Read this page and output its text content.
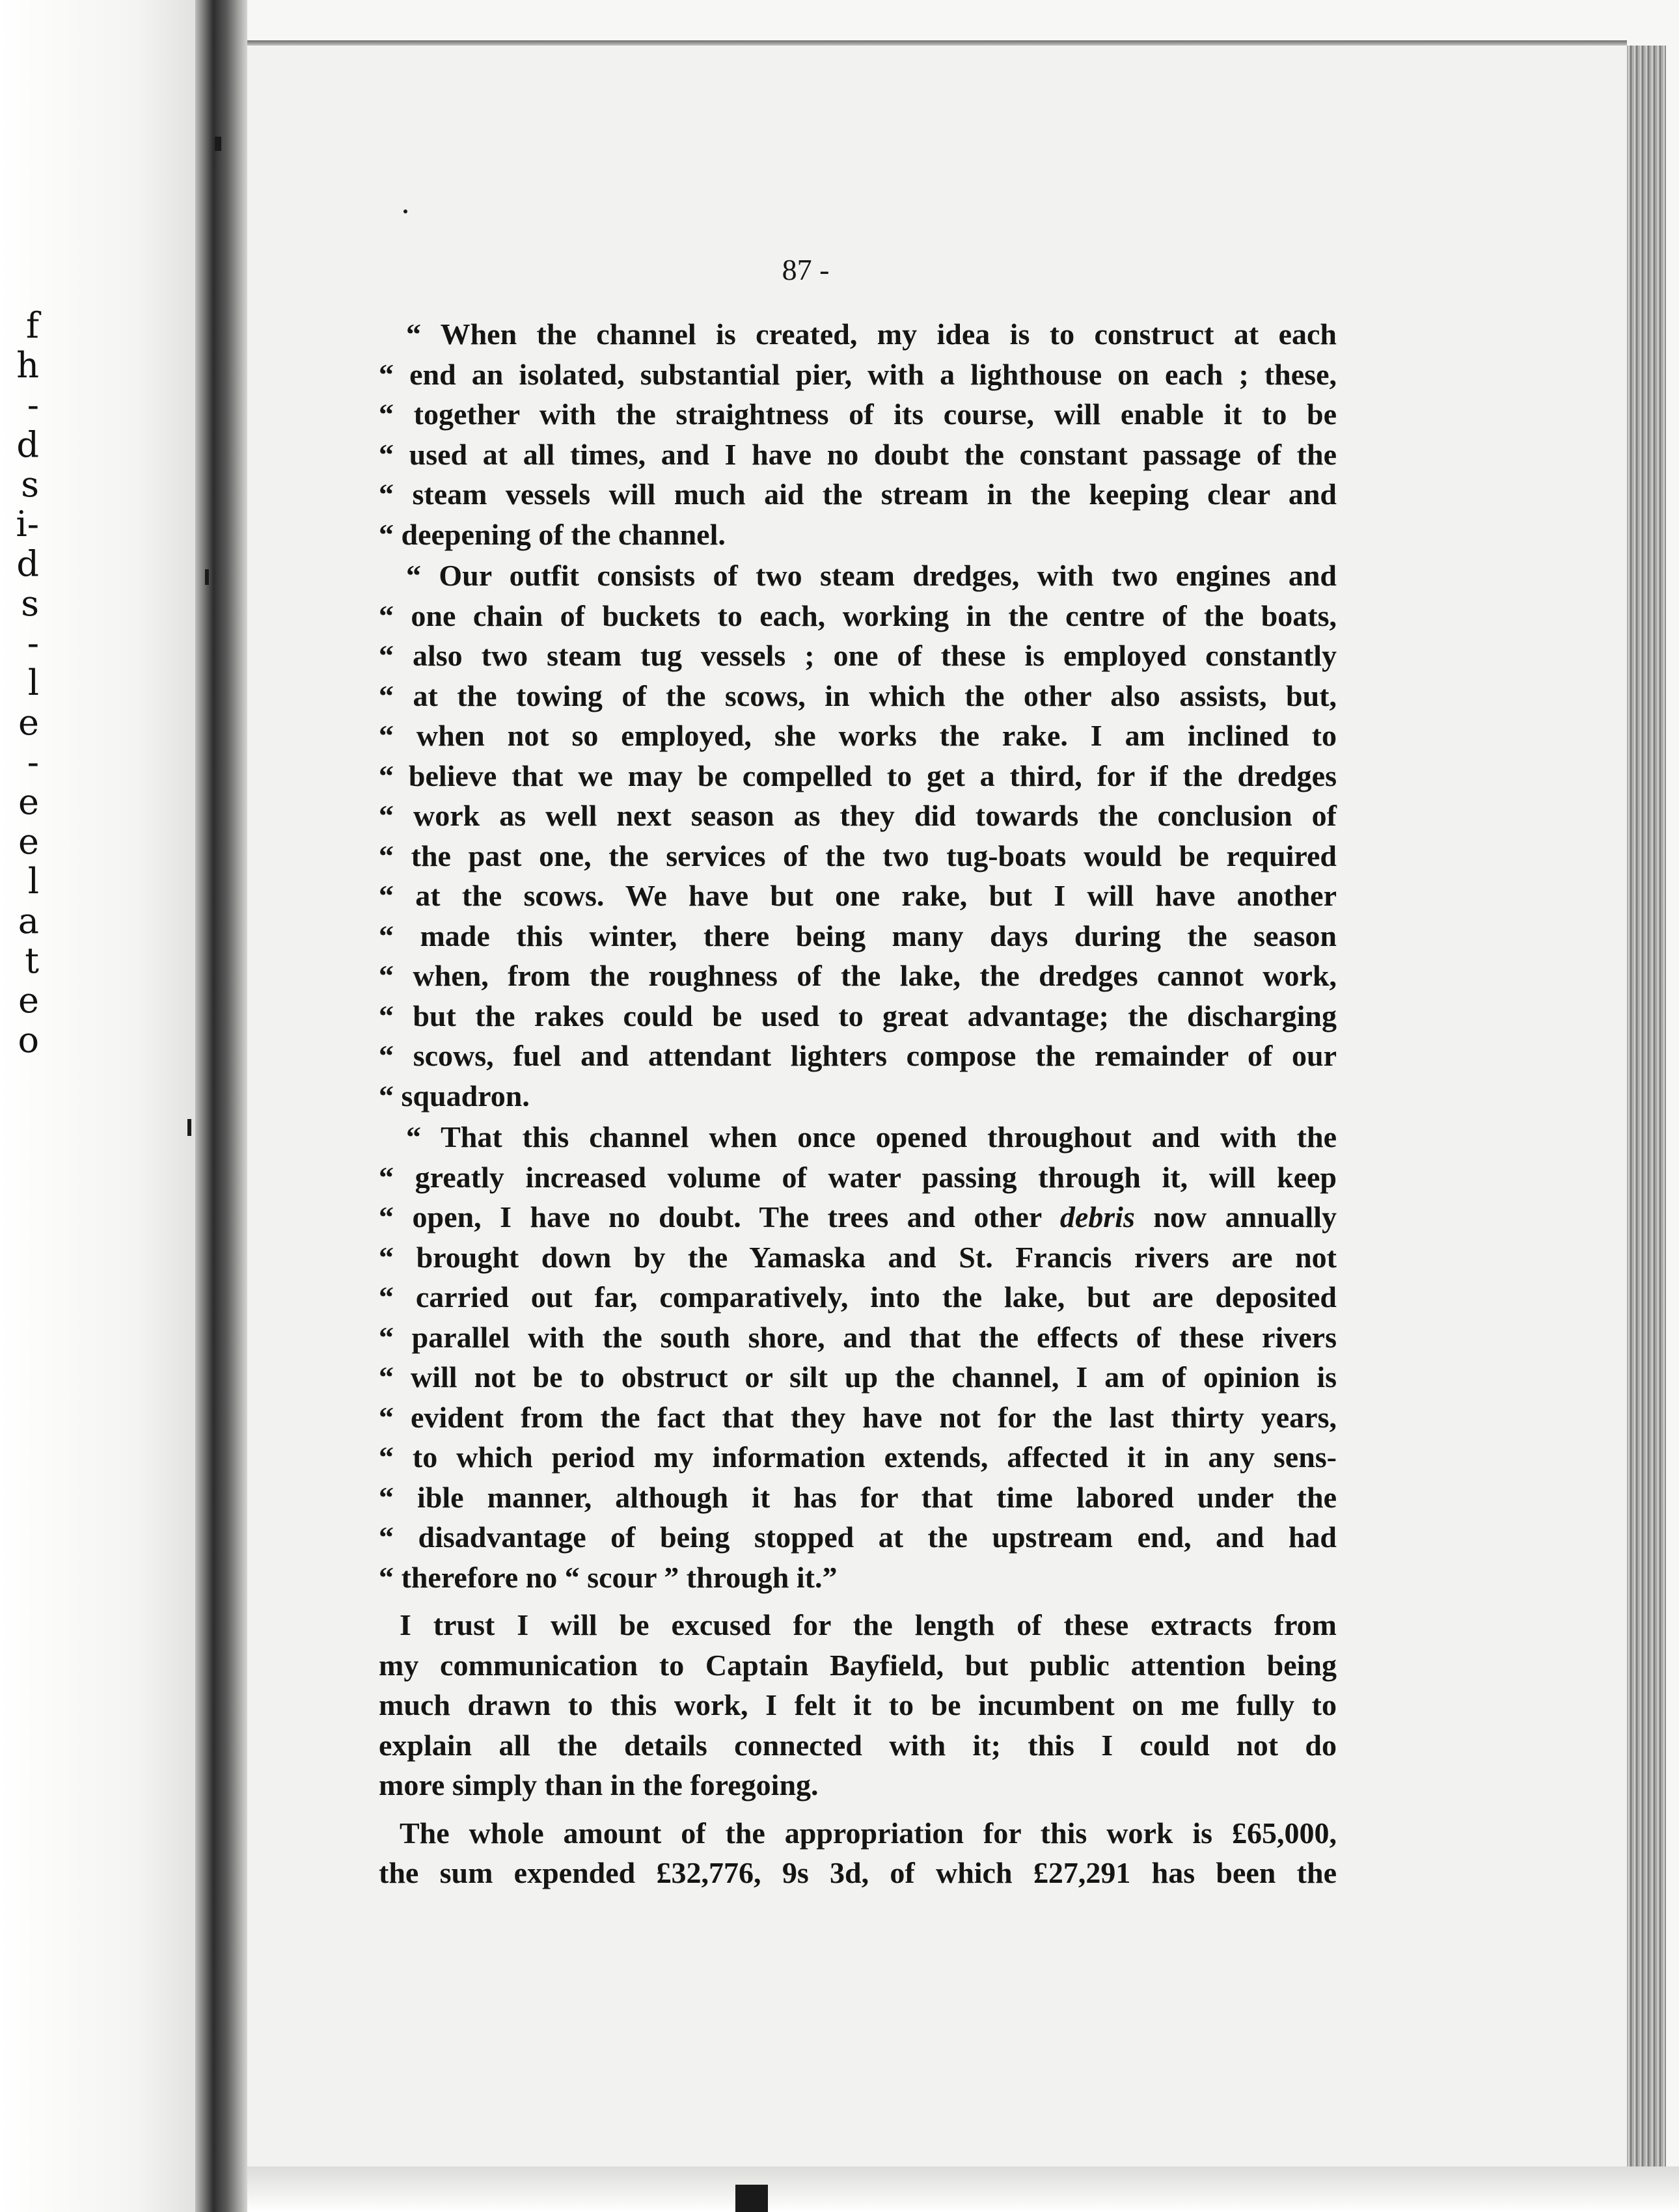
f
h
-
d
s
i-
d
s
-
l
e
-
e
e
l
a
t
e
o
87 -
“ When the channel is created, my idea is to construct at each
“ end an isolated, substantial pier, with a lighthouse on each ; these,
“ together with the straightness of its course, will enable it to be
“ used at all times, and I have no doubt the constant passage of the
“ steam vessels will much aid the stream in the keeping clear and
“ deepening of the channel.
“ Our outfit consists of two steam dredges, with two engines and
“ one chain of buckets to each, working in the centre of the boats,
“ also two steam tug vessels ; one of these is employed constantly
“ at the towing of the scows, in which the other also assists, but,
“ when not so employed, she works the rake. I am inclined to
“ believe that we may be compelled to get a third, for if the dredges
“ work as well next season as they did towards the conclusion of
“ the past one, the services of the two tug-boats would be required
“ at the scows. We have but one rake, but I will have another
“ made this winter, there being many days during the season
“ when, from the roughness of the lake, the dredges cannot work,
“ but the rakes could be used to great advantage; the discharging
“ scows, fuel and attendant lighters compose the remainder of our
“ squadron.
“ That this channel when once opened throughout and with the
“ greatly increased volume of water passing through it, will keep
“ open, I have no doubt. The trees and other debris now annually
“ brought down by the Yamaska and St. Francis rivers are not
“ carried out far, comparatively, into the lake, but are deposited
“ parallel with the south shore, and that the effects of these rivers
“ will not be to obstruct or silt up the channel, I am of opinion is
“ evident from the fact that they have not for the last thirty years,
“ to which period my information extends, affected it in any sens-
“ ible manner, although it has for that time labored under the
“ disadvantage of being stopped at the upstream end, and had
“ therefore no “ scour ” through it.”
I trust I will be excused for the length of these extracts from
my communication to Captain Bayfield, but public attention being
much drawn to this work, I felt it to be incumbent on me fully to
explain all the details connected with it; this I could not do
more simply than in the foregoing.
The whole amount of the appropriation for this work is £65,000,
the sum expended £32,776, 9s 3d, of which £27,291 has been the
